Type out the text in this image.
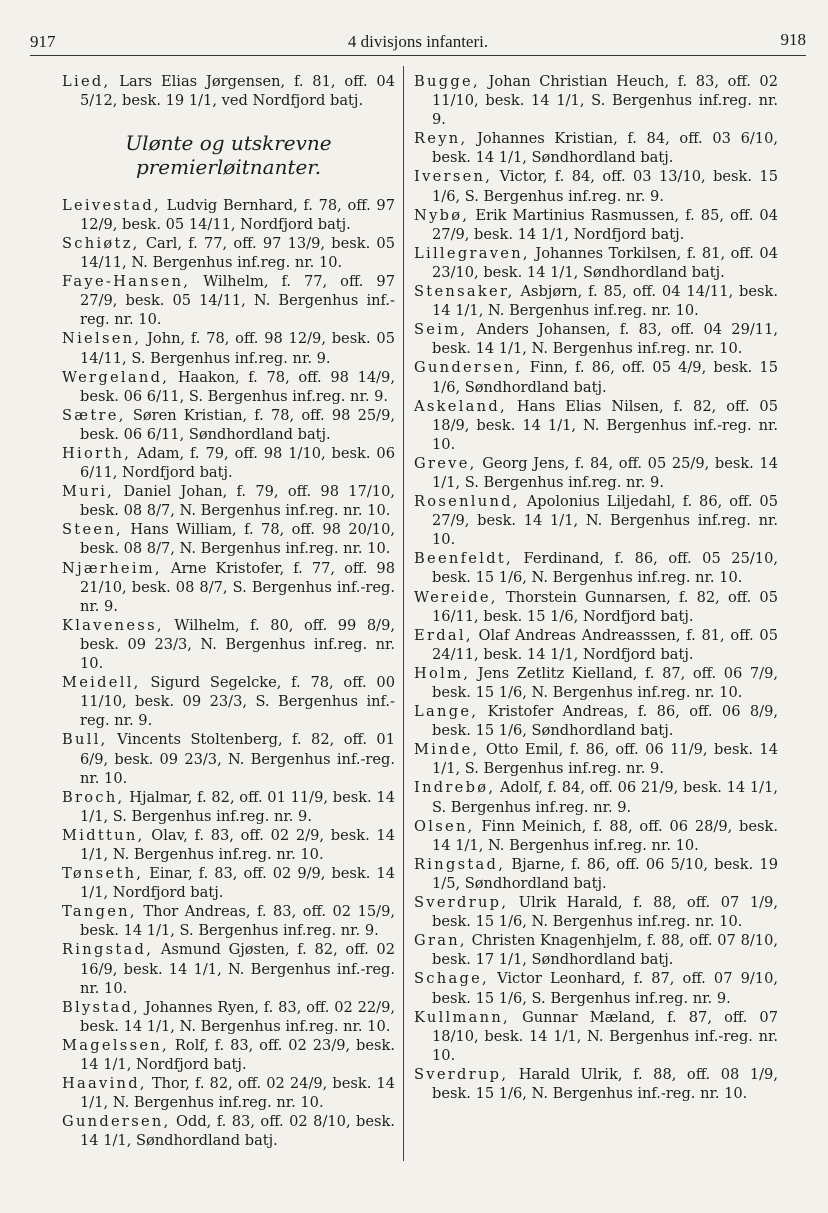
917	4 divisjons infanteri.	918

Lied, Lars Elias Jørgensen, f. 81, off. 04 5/12, besk. 19 1/1, ved Nordfjord batj.

Ulønte og utskrevne premierløitnanter.

Leivestad, Ludvig Bernhard, f. 78, off. 97 12/9, besk. 05 14/11, Nordfjord batj.

Schiøtz, Carl, f. 77, off. 97 13/9, besk. 05 14/11, N. Bergenhus inf.reg. nr. 10.

Faye-Hansen, Wilhelm, f. 77, off. 97 27/9, besk. 05 14/11, N. Bergenhus inf.-reg. nr. 10.

Nielsen, John, f. 78, off. 98 12/9, besk. 05 14/11, S. Bergenhus inf.reg. nr. 9.

Wergeland, Haakon, f. 78, off. 98 14/9, besk. 06 6/11, S. Bergenhus inf.reg. nr. 9.

Sætre, Søren Kristian, f. 78, off. 98 25/9, besk. 06 6/11, Søndhordland batj.

Hiorth, Adam, f. 79, off. 98 1/10, besk. 06 6/11, Nordfjord batj.

Muri, Daniel Johan, f. 79, off. 98 17/10, besk. 08 8/7, N. Bergenhus inf.reg. nr. 10.

Steen, Hans William, f. 78, off. 98 20/10, besk. 08 8/7, N. Bergenhus inf.reg. nr. 10.

Njærheim, Arne Kristofer, f. 77, off. 98 21/10, besk. 08 8/7, S. Bergenhus inf.-reg. nr. 9.

Klaveness, Wilhelm, f. 80, off. 99 8/9, besk. 09 23/3, N. Bergenhus inf.reg. nr. 10.

Meidell, Sigurd Segelcke, f. 78, off. 00 11/10, besk. 09 23/3, S. Bergenhus inf.-reg. nr. 9.

Bull, Vincents Stoltenberg, f. 82, off. 01 6/9, besk. 09 23/3, N. Bergenhus inf.-reg. nr. 10.

Broch, Hjalmar, f. 82, off. 01 11/9, besk. 14 1/1, S. Bergenhus inf.reg. nr. 9.

Midttun, Olav, f. 83, off. 02 2/9, besk. 14 1/1, N. Bergenhus inf.reg. nr. 10.

Tønseth, Einar, f. 83, off. 02 9/9, besk. 14 1/1, Nordfjord batj.

Tangen, Thor Andreas, f. 83, off. 02 15/9, besk. 14 1/1, S. Bergenhus inf.reg. nr. 9.

Ringstad, Asmund Gjøsten, f. 82, off. 02 16/9, besk. 14 1/1, N. Bergenhus inf.-reg. nr. 10.

Blystad, Johannes Ryen, f. 83, off. 02 22/9, besk. 14 1/1, N. Bergenhus inf.reg. nr. 10.

Magelssen, Rolf, f. 83, off. 02 23/9, besk. 14 1/1, Nordfjord batj.

Haavind, Thor, f. 82, off. 02 24/9, besk. 14 1/1, N. Bergenhus inf.reg. nr. 10.

Gundersen, Odd, f. 83, off. 02 8/10, besk. 14 1/1, Søndhordland batj.

Bugge, Johan Christian Heuch, f. 83, off. 02 11/10, besk. 14 1/1, S. Bergenhus inf.reg. nr. 9.

Reyn, Johannes Kristian, f. 84, off. 03 6/10, besk. 14 1/1, Søndhordland batj.

Iversen, Victor, f. 84, off. 03 13/10, besk. 15 1/6, S. Bergenhus inf.reg. nr. 9.

Nybø, Erik Martinius Rasmussen, f. 85, off. 04 27/9, besk. 14 1/1, Nordfjord batj.

Lillegraven, Johannes Torkilsen, f. 81, off. 04 23/10, besk. 14 1/1, Søndhordland batj.

Stensaker, Asbjørn, f. 85, off. 04 14/11, besk. 14 1/1, N. Bergenhus inf.reg. nr. 10.

Seim, Anders Johansen, f. 83, off. 04 29/11, besk. 14 1/1, N. Bergenhus inf.reg. nr. 10.

Gundersen, Finn, f. 86, off. 05 4/9, besk. 15 1/6, Søndhordland batj.

Askeland, Hans Elias Nilsen, f. 82, off. 05 18/9, besk. 14 1/1, N. Bergenhus inf.-reg. nr. 10.

Greve, Georg Jens, f. 84, off. 05 25/9, besk. 14 1/1, S. Bergenhus inf.reg. nr. 9.

Rosenlund, Apolonius Liljedahl, f. 86, off. 05 27/9, besk. 14 1/1, N. Bergenhus inf.reg. nr. 10.

Beenfeldt, Ferdinand, f. 86, off. 05 25/10, besk. 15 1/6, N. Bergenhus inf.reg. nr. 10.

Wereide, Thorstein Gunnarsen, f. 82, off. 05 16/11, besk. 15 1/6, Nordfjord batj.

Erdal, Olaf Andreas Andreasssen, f. 81, off. 05 24/11, besk. 14 1/1, Nordfjord batj.

Holm, Jens Zetlitz Kielland, f. 87, off. 06 7/9, besk. 15 1/6, N. Bergenhus inf.reg. nr. 10.

Lange, Kristofer Andreas, f. 86, off. 06 8/9, besk. 15 1/6, Søndhordland batj.

Minde, Otto Emil, f. 86, off. 06 11/9, besk. 14 1/1, S. Bergenhus inf.reg. nr. 9.

Indrebø, Adolf, f. 84, off. 06 21/9, besk. 14 1/1, S. Bergenhus inf.reg. nr. 9.

Olsen, Finn Meinich, f. 88, off. 06 28/9, besk. 14 1/1, N. Bergenhus inf.reg. nr. 10.

Ringstad, Bjarne, f. 86, off. 06 5/10, besk. 19 1/5, Søndhordland batj.

Sverdrup, Ulrik Harald, f. 88, off. 07 1/9, besk. 15 1/6, N. Bergenhus inf.reg. nr. 10.

Gran, Christen Knagenhjelm, f. 88, off. 07 8/10, besk. 17 1/1, Søndhordland batj.

Schage, Victor Leonhard, f. 87, off. 07 9/10, besk. 15 1/6, S. Bergenhus inf.reg. nr. 9.

Kullmann, Gunnar Mæland, f. 87, off. 07 18/10, besk. 14 1/1, N. Bergenhus inf.-reg. nr. 10.

Sverdrup, Harald Ulrik, f. 88, off. 08 1/9, besk. 15 1/6, N. Bergenhus inf.-reg. nr. 10.
